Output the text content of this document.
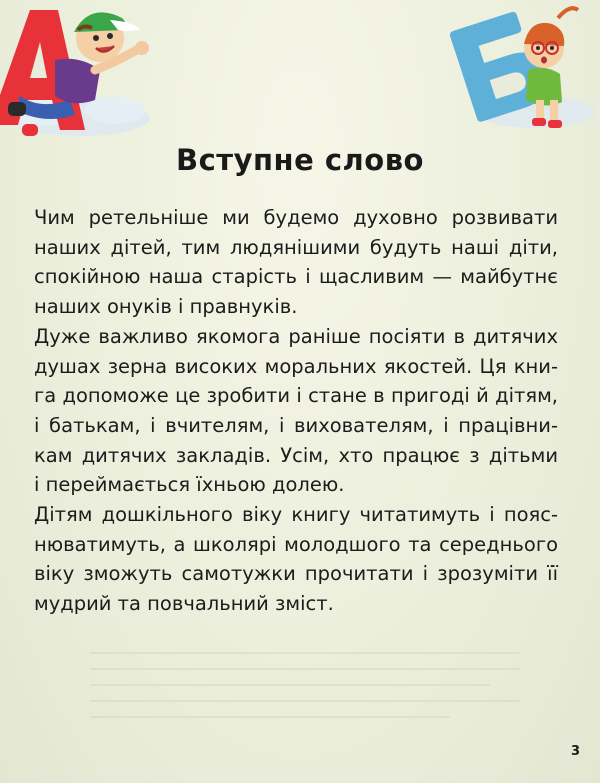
Вступне слово
Чим ретельніше ми будемо духовно розвивати
наших дітей, тим людянішими будуть наші діти,
спокійною наша старість і щасливим — майбутнє
наших онуків і правнуків.
Дуже важливо якомога раніше посіяти в дитячих
душах зерна високих моральних якостей. Ця кни-
га допоможе це зробити і стане в пригоді й дітям,
і батькам, і вчителям, і вихователям, і працівни-
кам дитячих закладів. Усім, хто працює з дітьми
і переймається їхньою долею.
Дітям дошкільного віку книгу читатимуть і пояс-
нюватимуть, а школярі молодшого та середнього
віку зможуть самотужки прочитати і зрозуміти її
мудрий та повчальний зміст.
3
